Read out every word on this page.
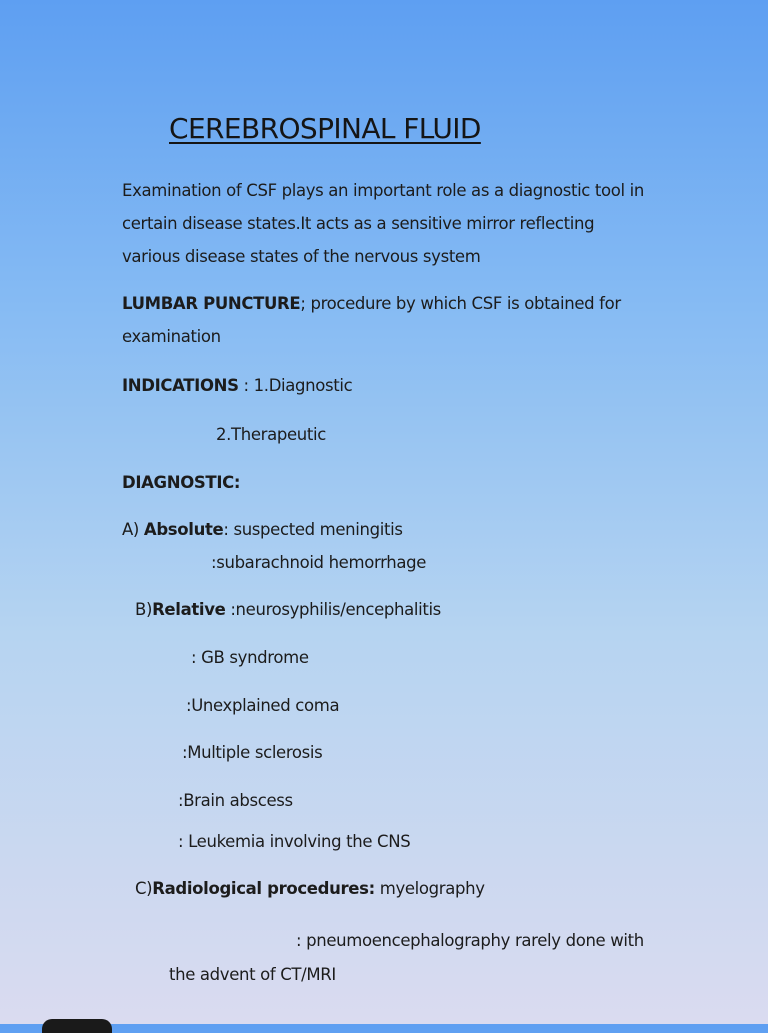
CEREBROSPINAL FLUID
Examination of CSF plays an important role as a diagnostic tool in
certain disease states.It acts as a sensitive mirror reflecting
various disease states of the nervous system
LUMBAR PUNCTURE; procedure by which CSF is obtained for
examination
INDICATIONS : 1.Diagnostic
2.Therapeutic
DIAGNOSTIC:
A) Absolute: suspected meningitis
:subarachnoid hemorrhage
B)Relative :neurosyphilis/encephalitis
: GB syndrome
:Unexplained coma
:Multiple sclerosis
:Brain abscess
: Leukemia involving the CNS
C)Radiological procedures: myelography
: pneumoencephalography rarely done with
the advent of CT/MRI
